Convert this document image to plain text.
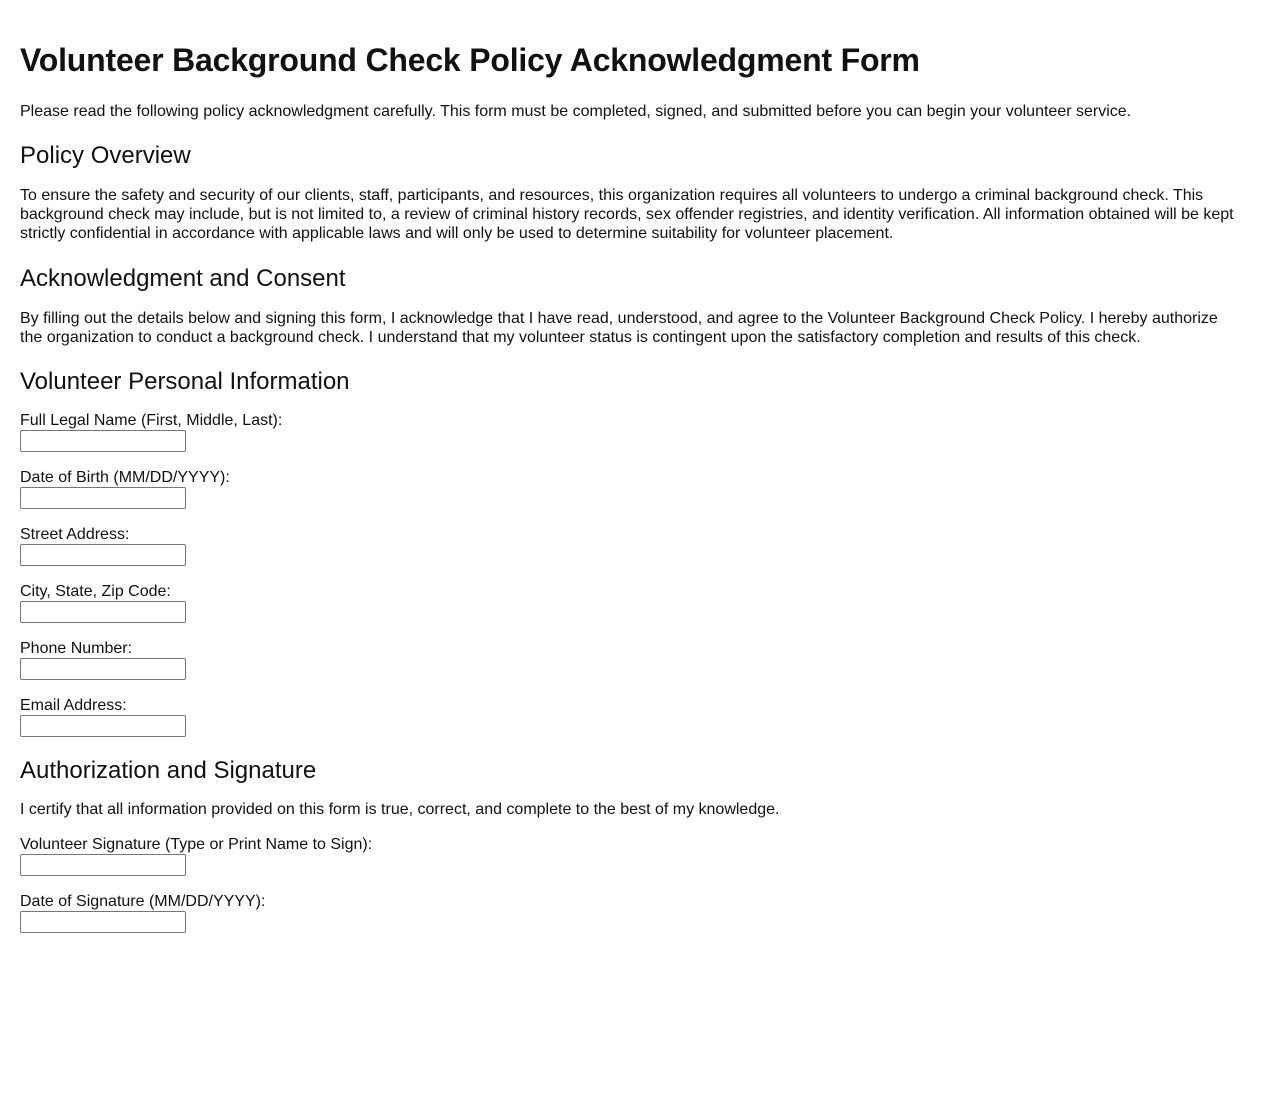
Volunteer Background Check Policy Acknowledgment Form

Please read the following policy acknowledgment carefully. This form must be completed, signed, and submitted before you can begin your volunteer service.

Policy Overview

To ensure the safety and security of our clients, staff, participants, and resources, this organization requires all volunteers to undergo a criminal background check. This background check may include, but is not limited to, a review of criminal history records, sex offender registries, and identity verification. All information obtained will be kept strictly confidential in accordance with applicable laws and will only be used to determine suitability for volunteer placement.

Acknowledgment and Consent

By filling out the details below and signing this form, I acknowledge that I have read, understood, and agree to the Volunteer Background Check Policy. I hereby authorize the organization to conduct a background check. I understand that my volunteer status is contingent upon the satisfactory completion and results of this check.

Volunteer Personal Information
Full Legal Name (First, Middle, Last):
Date of Birth (MM/DD/YYYY):
Street Address:
City, State, Zip Code:
Phone Number:
Email Address:
Authorization and Signature

I certify that all information provided on this form is true, correct, and complete to the best of my knowledge.

Volunteer Signature (Type or Print Name to Sign):
Date of Signature (MM/DD/YYYY):
